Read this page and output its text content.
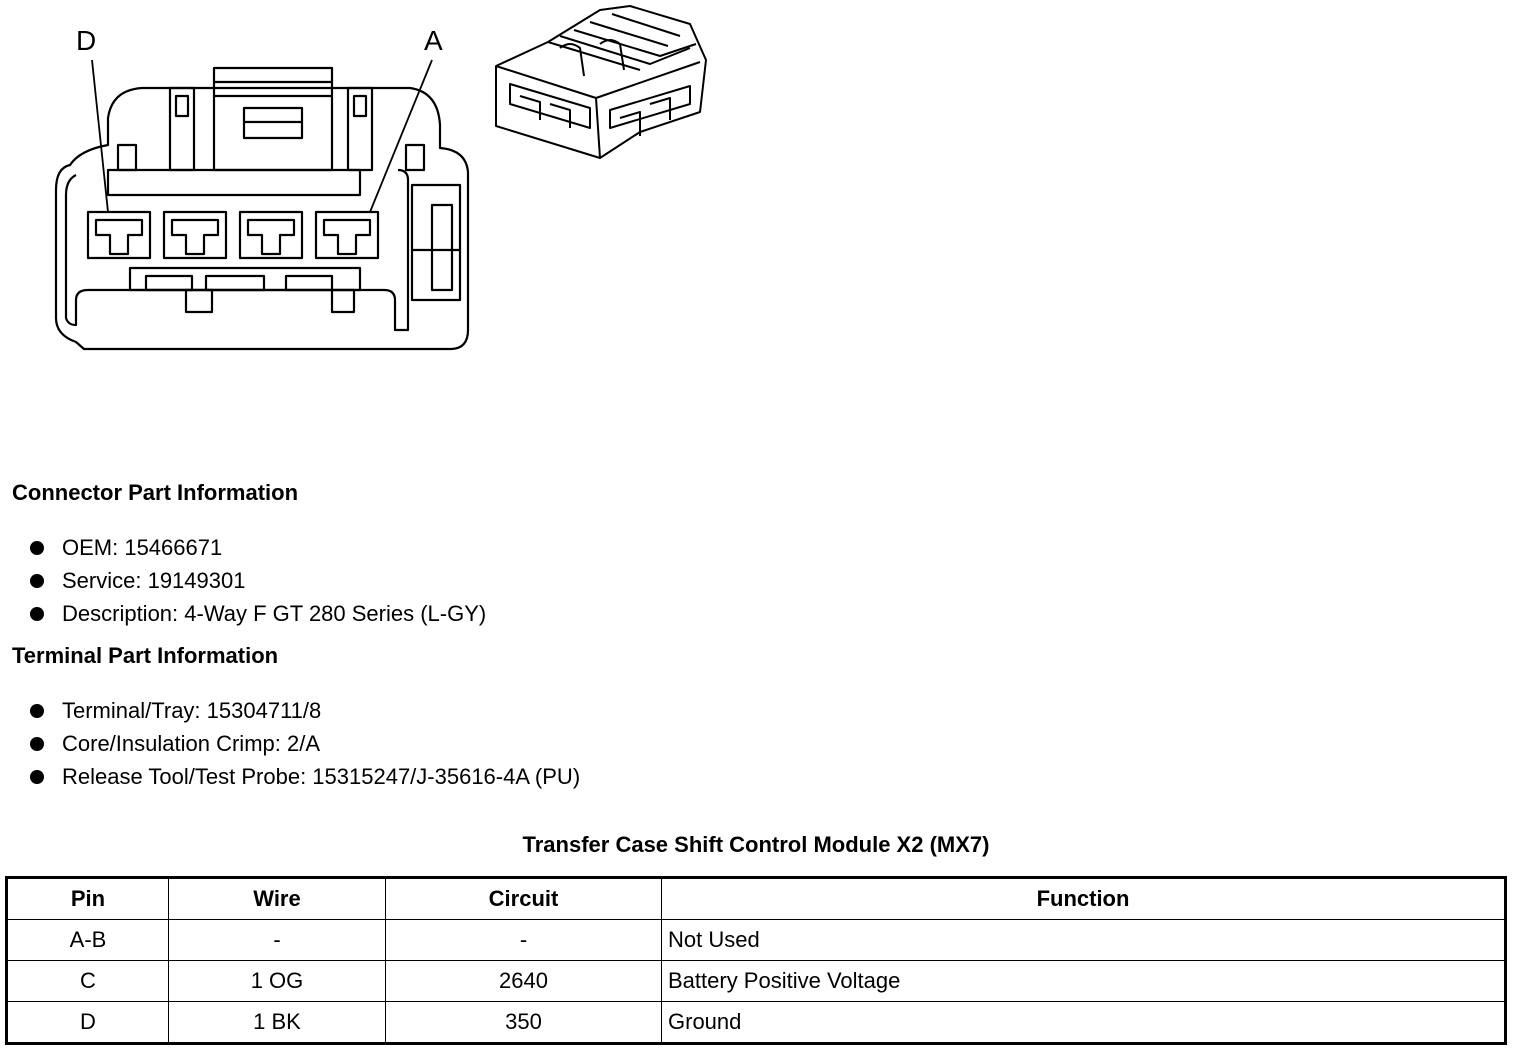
D	A
Connector Part Information
OEM: 15466671
Service: 19149301
Description: 4-Way F GT 280 Series (L-GY)
Terminal Part Information
Terminal/Tray: 15304711/8
Core/Insulation Crimp: 2/A
Release Tool/Test Probe: 15315247/J-35616-4A (PU)
Transfer Case Shift Control Module X2 (MX7)
Pin	Wire	Circuit	Function
A-B	-	-	Not Used
C	1 OG	2640	Battery Positive Voltage
D	1 BK	350	Ground
